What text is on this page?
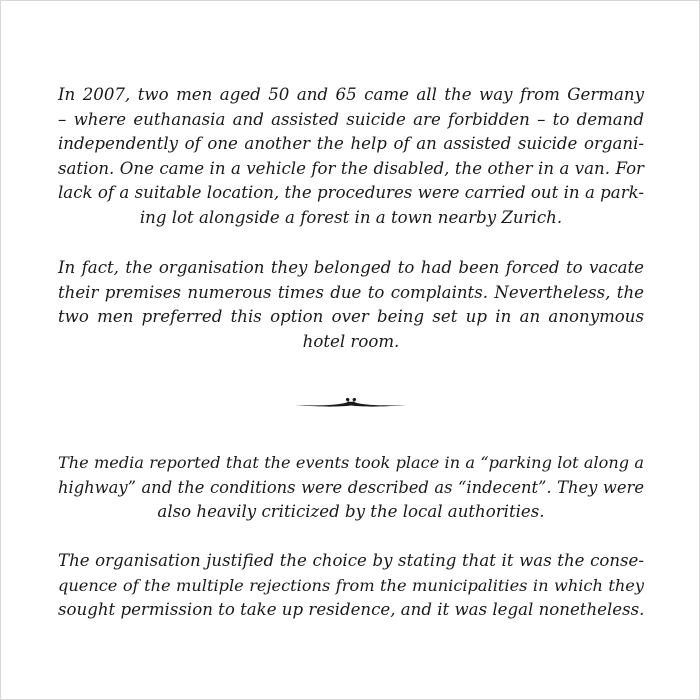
In 2007, two men aged 50 and 65 came all the way from Germany
– where euthanasia and assisted suicide are forbidden – to demand
independently of one another the help of an assisted suicide organi-
sation. One came in a vehicle for the disabled, the other in a van. For
lack of a suitable location, the procedures were carried out in a park-
ing lot alongside a forest in a town nearby Zurich.

In fact, the organisation they belonged to had been forced to vacate
their premises numerous times due to complaints. Nevertheless, the
two men preferred this option over being set up in an anonymous
hotel room.

The media reported that the events took place in a “parking lot along a
highway” and the conditions were described as “indecent”. They were
also heavily criticized by the local authorities.

The organisation justified the choice by stating that it was the conse-
quence of the multiple rejections from the municipalities in which they
sought permission to take up residence, and it was legal nonetheless.
